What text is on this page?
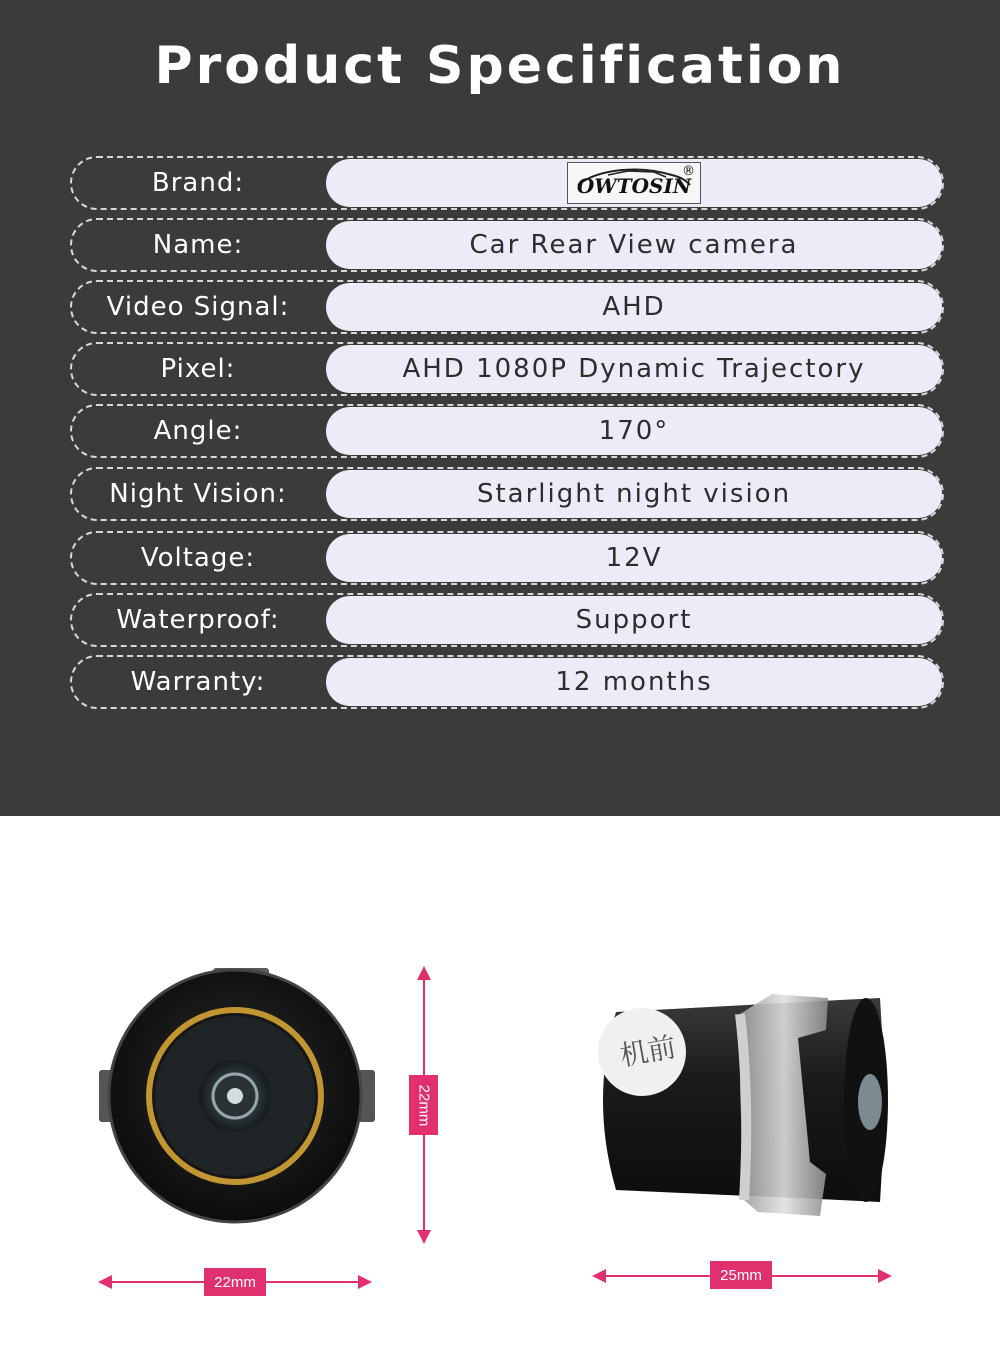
Product Specification
Brand:	OWTOSIN
®
Name:	Car Rear View camera
Video Signal:	AHD
Pixel:	AHD 1080P Dynamic Trajectory
Angle:	170°
Night Vision:	Starlight night vision
Voltage:	12V
Waterproof:	Support
Warranty:	12 months
22mm
22mm
机前
25mm
